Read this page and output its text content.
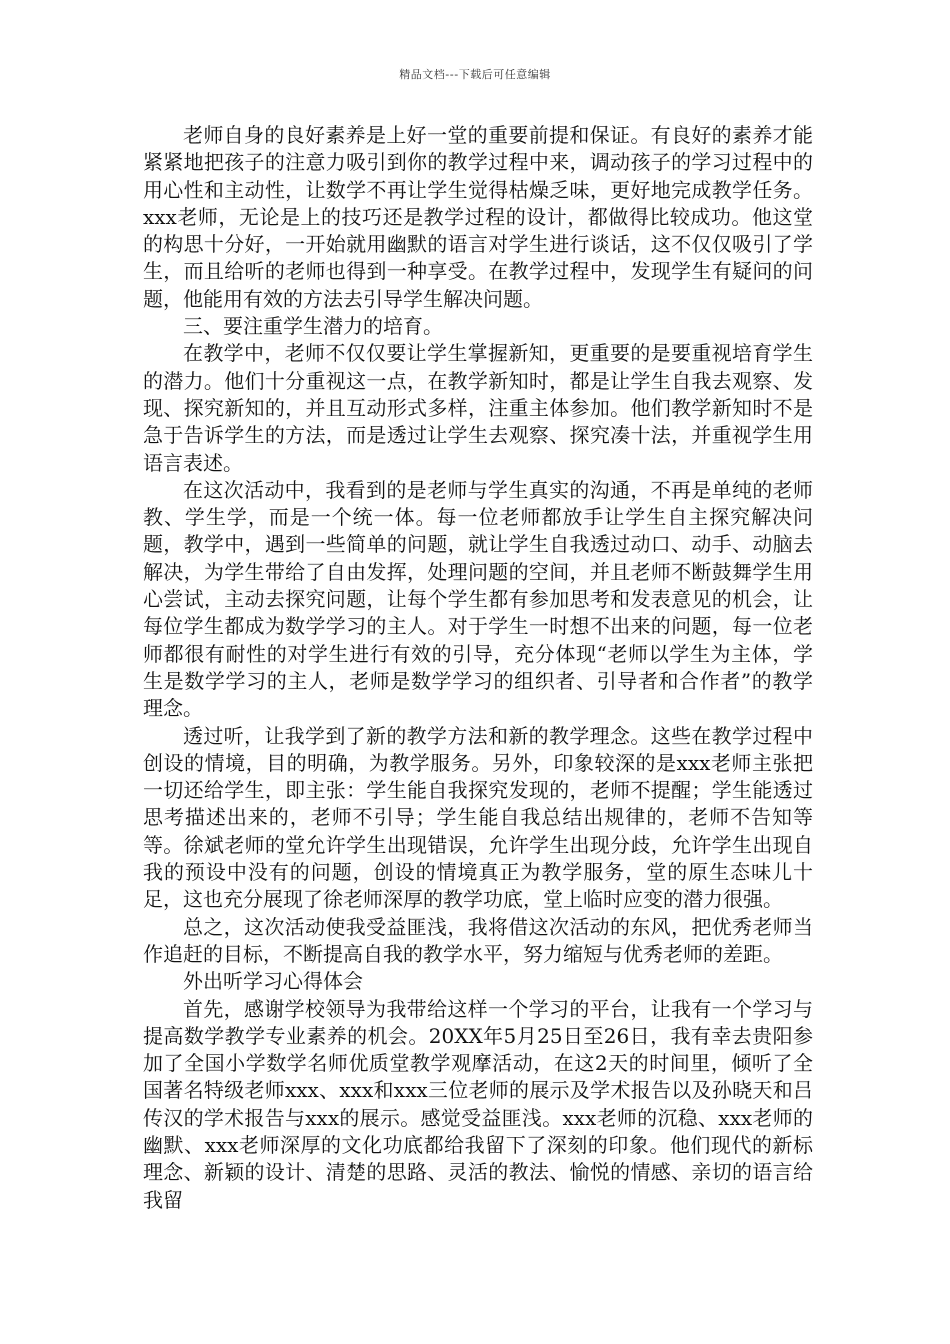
精品文档---下载后可任意编辑

老师自身的良好素养是上好一堂的重要前提和保证。有良好的素养才能紧紧地把孩子的注意力吸引到你的教学过程中来，调动孩子的学习过程中的用心性和主动性，让数学不再让学生觉得枯燥乏味，更好地完成教学任务。xxx老师，无论是上的技巧还是教学过程的设计，都做得比较成功。他这堂的构思十分好，一开始就用幽默的语言对学生进行谈话，这不仅仅吸引了学生，而且给听的老师也得到一种享受。在教学过程中，发现学生有疑问的问题，他能用有效的方法去引导学生解决问题。

三、要注重学生潜力的培育。

在教学中，老师不仅仅要让学生掌握新知，更重要的是要重视培育学生的潜力。他们十分重视这一点，在教学新知时，都是让学生自我去观察、发现、探究新知的，并且互动形式多样，注重主体参加。他们教学新知时不是急于告诉学生的方法，而是透过让学生去观察、探究凑十法，并重视学生用语言表述。

在这次活动中，我看到的是老师与学生真实的沟通，不再是单纯的老师教、学生学，而是一个统一体。每一位老师都放手让学生自主探究解决问题，教学中，遇到一些简单的问题，就让学生自我透过动口、动手、动脑去解决，为学生带给了自由发挥，处理问题的空间，并且老师不断鼓舞学生用心尝试，主动去探究问题，让每个学生都有参加思考和发表意见的机会，让每位学生都成为数学学习的主人。对于学生一时想不出来的问题，每一位老师都很有耐性的对学生进行有效的引导，充分体现“老师以学生为主体，学生是数学学习的主人，老师是数学学习的组织者、引导者和合作者”的教学理念。

透过听，让我学到了新的教学方法和新的教学理念。这些在教学过程中创设的情境，目的明确，为教学服务。另外，印象较深的是xxx老师主张把一切还给学生，即主张：学生能自我探究发现的，老师不提醒；学生能透过思考描述出来的，老师不引导；学生能自我总结出规律的，老师不告知等等。徐斌老师的堂允许学生出现错误，允许学生出现分歧，允许学生出现自我的预设中没有的问题，创设的情境真正为教学服务，堂的原生态味儿十足，这也充分展现了徐老师深厚的教学功底，堂上临时应变的潜力很强。

总之，这次活动使我受益匪浅，我将借这次活动的东风，把优秀老师当作追赶的目标，不断提高自我的教学水平，努力缩短与优秀老师的差距。

外出听学习心得体会

首先，感谢学校领导为我带给这样一个学习的平台，让我有一个学习与提高数学教学专业素养的机会。20XX年5月25日至26日，我有幸去贵阳参加了全国小学数学名师优质堂教学观摩活动，在这2天的时间里，倾听了全国著名特级老师xxx、xxx和xxx三位老师的展示及学术报告以及孙晓天和吕传汉的学术报告与xxx的展示。感觉受益匪浅。xxx老师的沉稳、xxx老师的幽默、xxx老师深厚的文化功底都给我留下了深刻的印象。他们现代的新标理念、新颖的设计、清楚的思路、灵活的教法、愉悦的情感、亲切的语言给我留
